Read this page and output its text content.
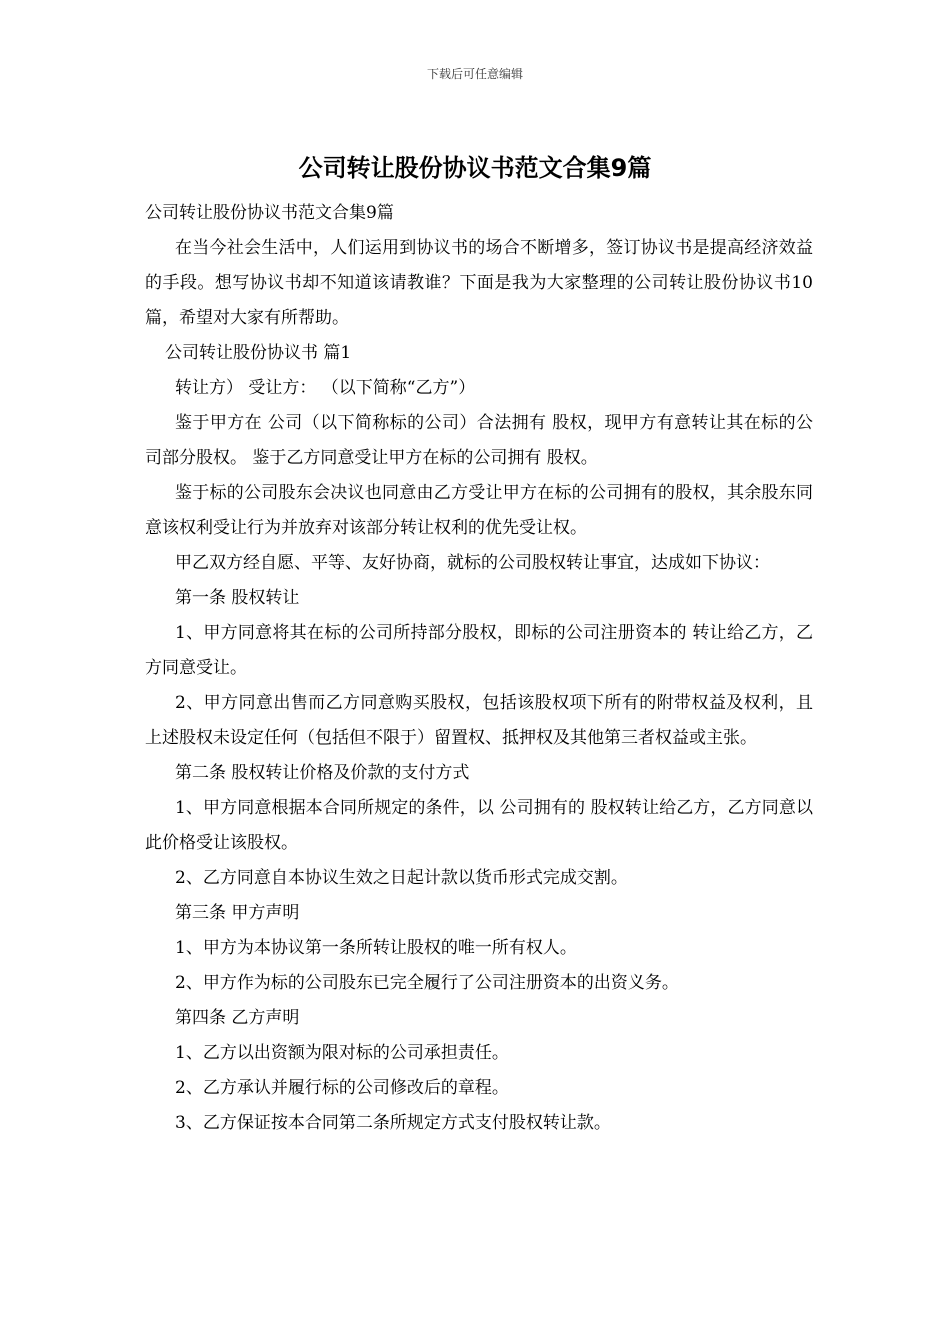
下载后可任意编辑
公司转让股份协议书范文合集9篇

公司转让股份协议书范文合集9篇

在当今社会生活中，人们运用到协议书的场合不断增多，签订协议书是提高经济效益的手段。想写协议书却不知道该请教谁？下面是我为大家整理的公司转让股份协议书10篇，希望对大家有所帮助。

公司转让股份协议书 篇1

转让方） 受让方： （以下简称“乙方”）

鉴于甲方在 公司（以下简称标的公司）合法拥有 股权，现甲方有意转让其在标的公司部分股权。 鉴于乙方同意受让甲方在标的公司拥有 股权。

鉴于标的公司股东会决议也同意由乙方受让甲方在标的公司拥有的股权，其余股东同意该权利受让行为并放弃对该部分转让权利的优先受让权。

甲乙双方经自愿、平等、友好协商，就标的公司股权转让事宜，达成如下协议：

第一条 股权转让

1、甲方同意将其在标的公司所持部分股权，即标的公司注册资本的 转让给乙方，乙方同意受让。

2、甲方同意出售而乙方同意购买股权，包括该股权项下所有的附带权益及权利，且上述股权未设定任何（包括但不限于）留置权、抵押权及其他第三者权益或主张。

第二条 股权转让价格及价款的支付方式

1、甲方同意根据本合同所规定的条件，以 公司拥有的 股权转让给乙方，乙方同意以此价格受让该股权。

2、乙方同意自本协议生效之日起计款以货币形式完成交割。

第三条 甲方声明

1、甲方为本协议第一条所转让股权的唯一所有权人。

2、甲方作为标的公司股东已完全履行了公司注册资本的出资义务。

第四条 乙方声明

1、乙方以出资额为限对标的公司承担责任。

2、乙方承认并履行标的公司修改后的章程。

3、乙方保证按本合同第二条所规定方式支付股权转让款。
